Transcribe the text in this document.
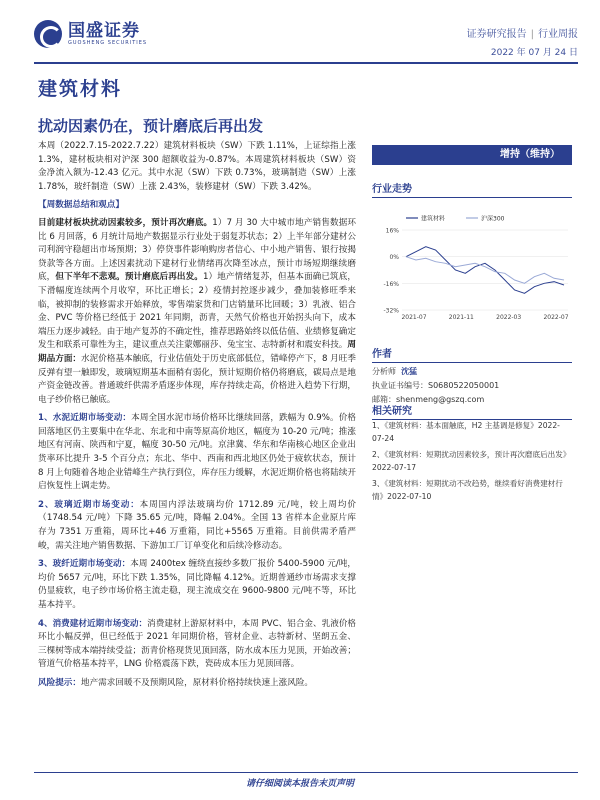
国盛证券
GUOSHENG SECURITIES
证券研究报告 | 行业周报
2022 年 07 月 24 日
建筑材料
扰动因素仍在，预计磨底后再出发

本周（2022.7.15-2022.7.22）建筑材料板块（SW）下跌 1.11%，上证综指上涨 1.3%，建材板块相对沪深 300 超额收益为-0.87%。本周建筑材料板块（SW）资金净流入额为-12.43 亿元。其中水泥（SW）下跌 0.73%，玻璃制造（SW）上涨 1.78%，玻纤制造（SW）上涨 2.43%，装修建材（SW）下跌 3.42%。

【周数据总结和观点】

目前建材板块扰动因素较多，预计再次磨底。1）7 月 30 大中城市地产销售数据环比 6 月回落，6 月统计局地产数据显示行业处于弱复苏状态；2）上半年部分建材公司利润守稳超出市场预期；3）停贷事件影响购房者信心、中小地产销售、银行按揭贷款等各方面。上述因素扰动下建材行业情绪再次降至冰点，预计市场短期继续磨底，但下半年不悲观。预计磨底后再出发。1）地产情绪复苏，但基本面确已筑底，下滑幅度连续两个月收窄，环比正增长；2）疫情封控逐步减少，叠加装修旺季来临，被抑制的装修需求开始释放，零售端家货和门店销量环比回暖；3）乳液、铝合金、PVC 等价格已经低于 2021 年同期，沥青，天然气价格也开始拐头向下，成本端压力逐步减轻。由于地产复苏的不确定性，推荐思路始终以低估值、业绩修复确定发生和联系可靠性为主，建议重点关注蒙娜丽莎、兔宝宝、志特新材和震安科技。周期品方面：水泥价格基本触底，行业估值处于历史底部低位，错峰停产下，8 月旺季反弹有望一触即发，玻璃短期基本面稍有弱化，预计短期价格仍将磨底，碳局点是地产资金链改善。普通玻纤供需矛盾逐步体现，库存持续走高，价格进入趋势下行期，电子纱价格已触底。

1、水泥近期市场变动：本周全国水泥市场价格环比继续回落，跌幅为 0.9%。价格回落地区仍主要集中在华北、东北和中南等原高价地区，幅度为 10-20 元/吨；推涨地区有河南、陕西和宁夏，幅度 30-50 元/吨。京津冀、华东和华南核心地区企业出货率环比提升 3-5 个百分点；东北、华中、西南和西北地区仍处于疲软状态，预计 8 月上旬随着各地企业错峰生产执行到位，库存压力缓解，水泥近期价格也将陆续开启恢复性上调走势。

2、玻璃近期市场变动：本周国内浮法玻璃均价 1712.89 元/吨，较上周均价（1748.54 元/吨）下降 35.65 元/吨，降幅 2.04%。全国 13 省样本企业原片库存为 7351 万重箱，周环比+46 万重箱，同比+5565 万重箱。目前供需矛盾严峻，需关注地产销售数据、下游加工厂订单变化和后续冷修动态。

3、玻纤近期市场变动：本周 2400tex 缠绕直接纱多数厂报价 5400-5900 元/吨，均价 5657 元/吨，环比下跌 1.35%，同比降幅 4.12%。近期普通纱市场需求支撑仍显疲软，电子纱市场价格主流走稳，现主流成交在 9600-9800 元/吨不等，环比基本持平。

4、消费建材近期市场变动：消费建材上游原材料中，本周 PVC、铝合金、乳液价格环比小幅反弹，但已经低于 2021 年同期价格，管材企业、志特新材、坚朗五金、三棵树等成本端持续受益；沥青价格现货见顶回落，防水成本压力见顶，开始改善；管道气价格基本持平，LNG 价格震荡下跌，瓷砖成本压力见顶回落。

风险提示：地产需求回暖不及预期风险，原材料价格持续快速上涨风险。

增持（维持）
行业走势
建筑材料	沪深300
16%
0%
-16%
-32%
2021-07	2021-11	2022-03	2022-07
作者
分析师 沈猛
执业证书编号：S0680522050001
邮箱：shenmeng@gszq.com
相关研究
1、《建筑材料：基本面触底，H2 主基调是修复》2022-07-24
2、《建筑材料：短期扰动因素较多，预计再次磨底后出发》2022-07-17
3、《建筑材料：短期扰动不改趋势，继续看好消费建材行情》2022-07-10
请仔细阅读本报告末页声明
